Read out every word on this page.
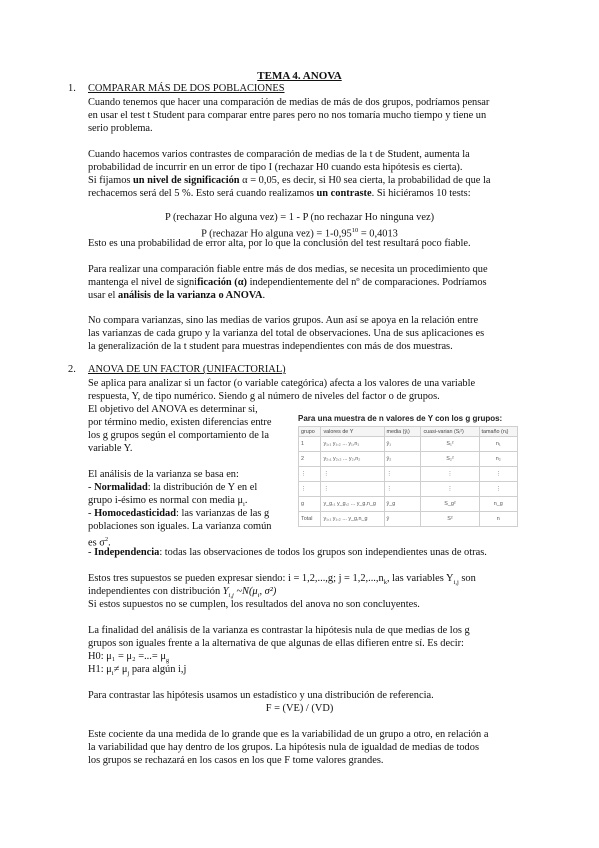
TEMA 4. ANOVA
1. COMPARAR MÁS DE DOS POBLACIONES
Cuando tenemos que hacer una comparación de medias de más de dos grupos, podríamos pensar
en usar el test t Student para comparar entre pares pero no nos tomaría mucho tiempo y tiene un
serio problema.
Cuando hacemos varios contrastes de comparación de medias de la t de Student, aumenta la
probabilidad de incurrir en un error de tipo I (rechazar H0 cuando esta hipótesis es cierta).
Si fijamos un nivel de significación α = 0,05, es decir, si H0 sea cierta, la probabilidad de que la
rechacemos será del 5 %. Esto será cuando realizamos un contraste. Si hiciéramos 10 tests:
P (rechazar Ho alguna vez) = 1 - P (no rechazar Ho ninguna vez)
P (rechazar Ho alguna $vez) = 1-0,95^{10} = 0,4013$
Esto es una probabilidad de error alta, por lo que la conclusión del test resultará poco fiable.
Para realizar una comparación fiable entre más de dos medias, se necesita un procedimiento que
mantenga el nivel de significación (α) independientemente del nº de comparaciones. Podríamos
usar el análisis de la varianza o ANOVA.
No compara varianzas, sino las medias de varios grupos. Aun así se apoya en la relación entre
las varianzas de cada grupo y la varianza del total de observaciones. Una de sus aplicaciones es
la generalización de la t student para muestras independientes con más de dos muestras.
2. ANOVA DE UN FACTOR (UNIFACTORIAL)
Se aplica para analizar si un factor (o variable categórica) afecta a los valores de una variable
respuesta, Y, de tipo numérico. Siendo g al número de niveles del factor o de grupos.
El objetivo del ANOVA es determinar si,
por término medio, existen diferencias entre
los g grupos según el comportamiento de la
variable Y.
El análisis de la varianza se basa en:
- Normalidad: la distribución de Y en el
grupo i-ésimo es normal con media $\mu_i$.
- Homocedasticidad: las varianzas de las g
poblaciones son iguales. La varianza común
es $\sigma^2$.
- Independencia: todas las observaciones de todos los grupos son independientes unas de otras.
Estos tres supuestos se pueden expresar siendo: i = 1,2,...,g; $j = 1,2,...,n_k$, las variables $Y_{i,j}$ son
independientes con distribución $Y_{i,j}$ $\sim N(\mu_i$, σ²)
Si estos supuestos no se cumplen, los resultados del anova no son concluyentes.
La finalidad del análisis de la varianza es contrastar la hipótesis nula de que medias de los g
grupos son iguales frente a la alternativa de que algunas de ellas difieren entre sí. Es decir:
H0: μ₁ = μ₂ =...= $\mu_g$
H1: $\mu_i\ne \mu_j$ para algún i,j
Para contrastar las hipótesis usamos un estadístico y una distribución de referencia.
F = (VE) / (VD)
Este cociente da una medida de lo grande que es la variabilidad de un grupo a otro, en relación a
la variabilidad que hay dentro de los grupos. La hipótesis nula de igualdad de medias de todos
los grupos se rechazará en los casos en los que F tome valores grandes.
Para una muestra de n valores de Y con los g grupos:
grupo	valores de Y	media (ȳᵢ)	cuasi-varian (Sᵢ²)	tamaño (nᵢ)
1	y₁,₁ y₁,₂ ... y₁,n₁	ȳ₁	S₁²	n₁
2	y₂,₁ y₂,₂ ... y₂,n₂	ȳ₂	S₂²	n₂
⋮	⋮	⋮	⋮	⋮
⋮	⋮	⋮	⋮	⋮
g	y_g,₁ y_g,₂ ... y_g,n_g	ȳ_g	S_g²	n_g
Total	y₁,₁ y₁,₂ ... y_g,n_g	ȳ	S²	n
